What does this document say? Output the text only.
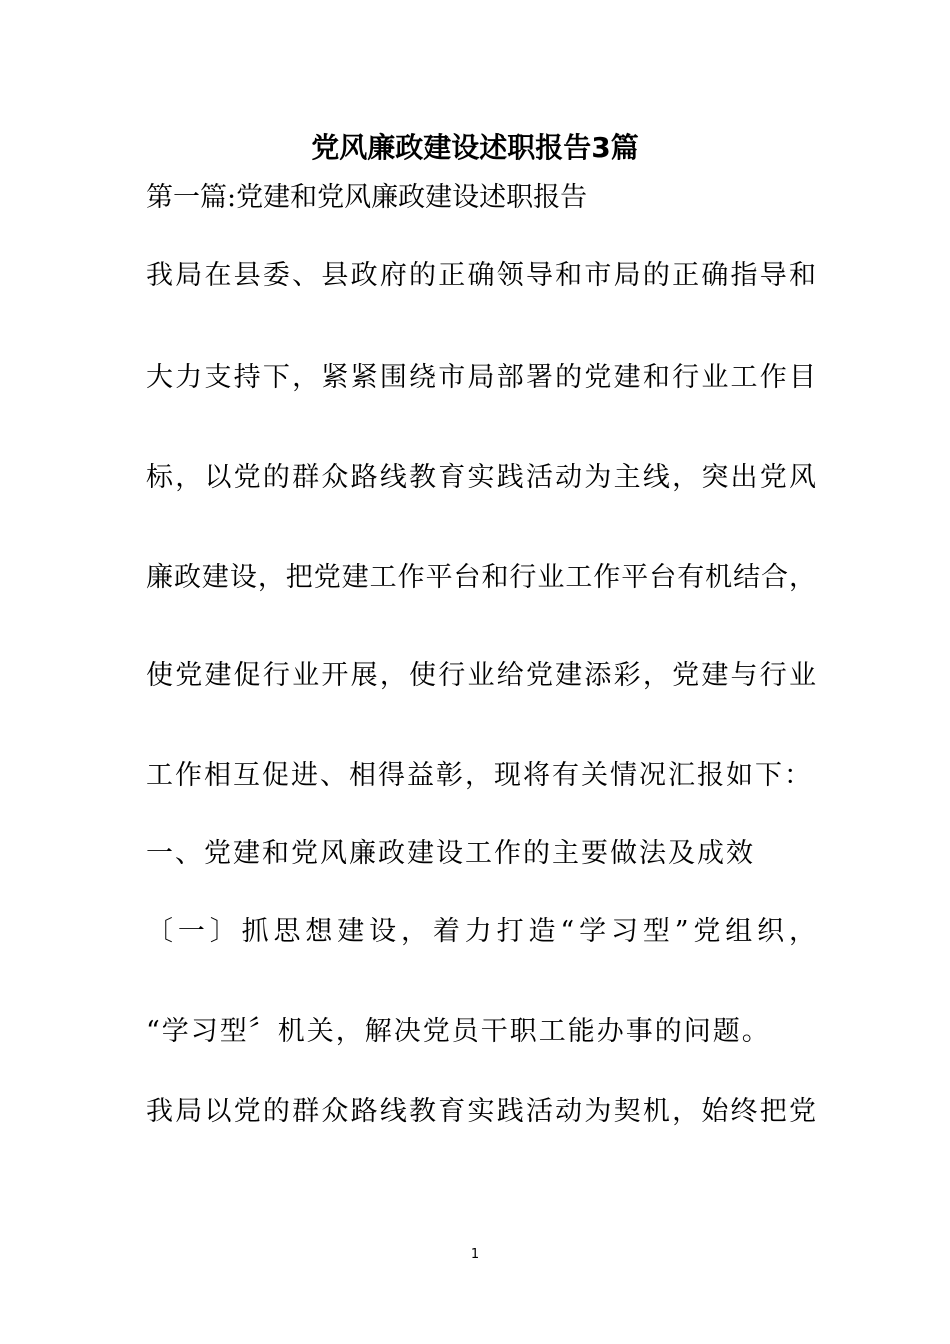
党风廉政建设述职报告3篇
第一篇:党建和党风廉政建设述职报告
我局在县委、县政府的正确领导和市局的正确指导和
大力支持下，紧紧围绕市局部署的党建和行业工作目
标，以党的群众路线教育实践活动为主线，突出党风
廉政建设，把党建工作平台和行业工作平台有机结合，
使党建促行业开展，使行业给党建添彩，党建与行业
工作相互促进、相得益彰，现将有关情况汇报如下：
一、党建和党风廉政建设工作的主要做法及成效
〔一〕抓思想建设，着力打造“学习型”党组织，
“学习型〞机关，解决党员干职工能办事的问题。
我局以党的群众路线教育实践活动为契机，始终把党
1
